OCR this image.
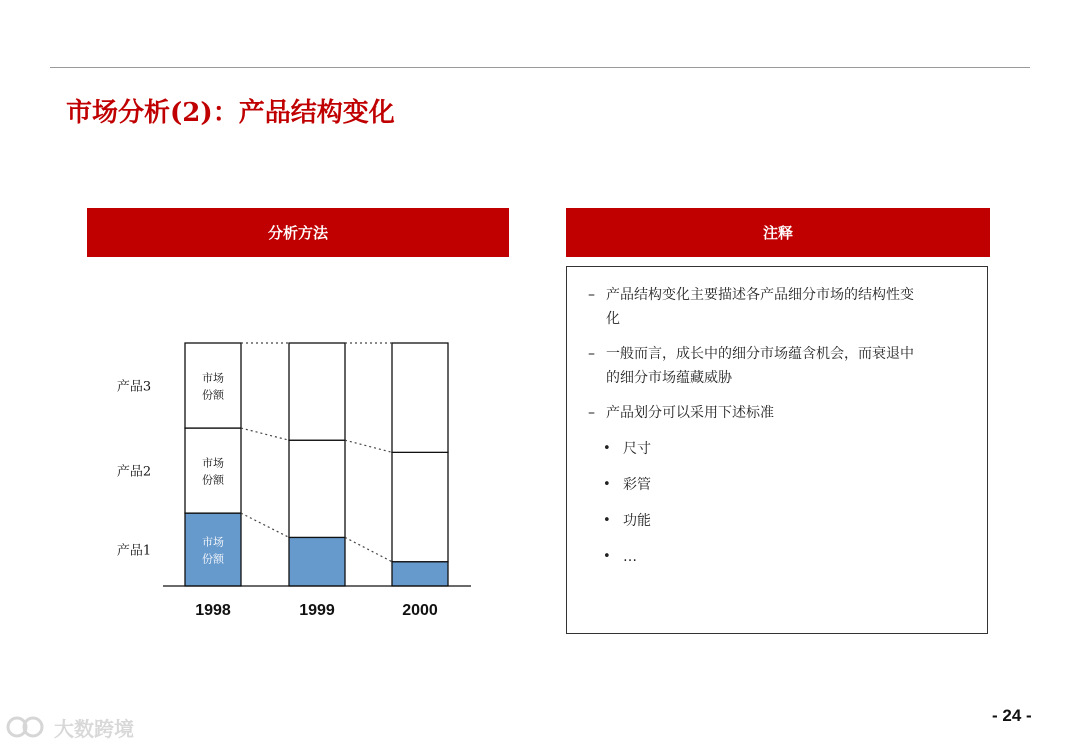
市场分析(2)：产品结构变化
分析方法	注释
1998	1999	2000
产品1
产品2
产品3
市场
份额
市场
份额
市场
份额
– 产品结构变化主要描述各产品细分市场的结构性变
化
– 一般而言，成长中的细分市场蕴含机会，而衰退中
的细分市场蕴藏威胁
– 产品划分可以采用下述标准
• 尺寸
• 彩管
• 功能
• …
- 24 -
大数跨境
